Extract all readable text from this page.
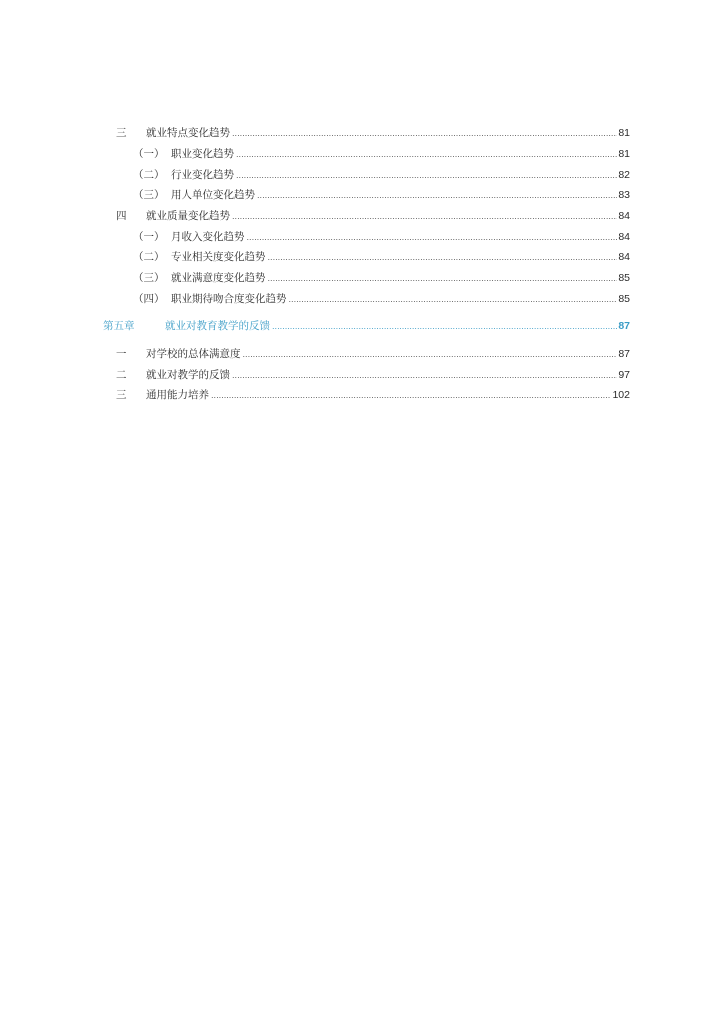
三	就业特点变化趋势 .....	81
（一） 职业变化趋势 .....	81
（二） 行业变化趋势 .....	82
（三） 用人单位变化趋势 .....	83
四	就业质量变化趋势 .....	84
（一） 月收入变化趋势 .....	84
（二） 专业相关度变化趋势 .....	84
（三） 就业满意度变化趋势 .....	85
（四） 职业期待吻合度变化趋势 .....	85
第五章	就业对教育教学的反馈 .....	87
一	对学校的总体满意度 .....	87
二	就业对教学的反馈 .....	97
三	通用能力培养 .....	102
